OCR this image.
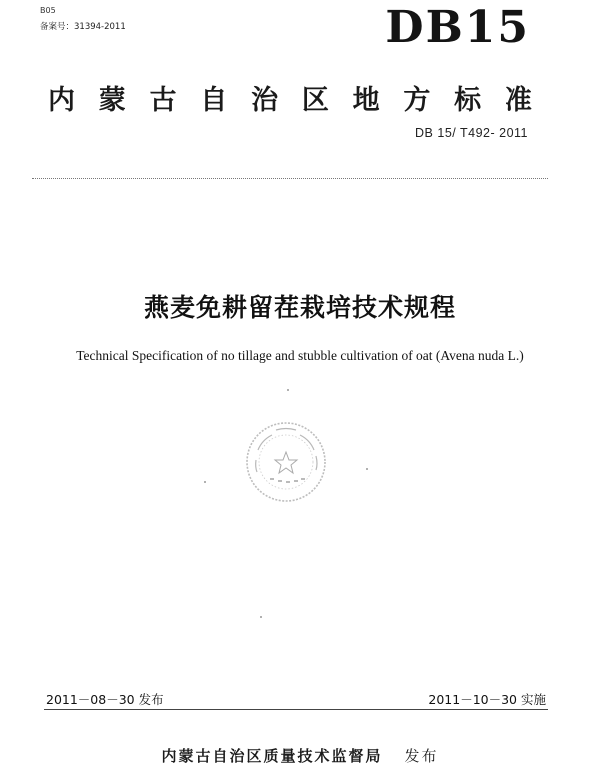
B05
备案号：31394-2011	DB15
内 蒙 古 自 治 区 地 方 标 准
DB 15/ T492- 2011
燕麦免耕留茬栽培技术规程
Technical Specification of no tillage and stubble cultivation of oat (Avena nuda L.)
2011－08－30 发布	2011－10－30 实施
内蒙古自治区质量技术监督局 发布
